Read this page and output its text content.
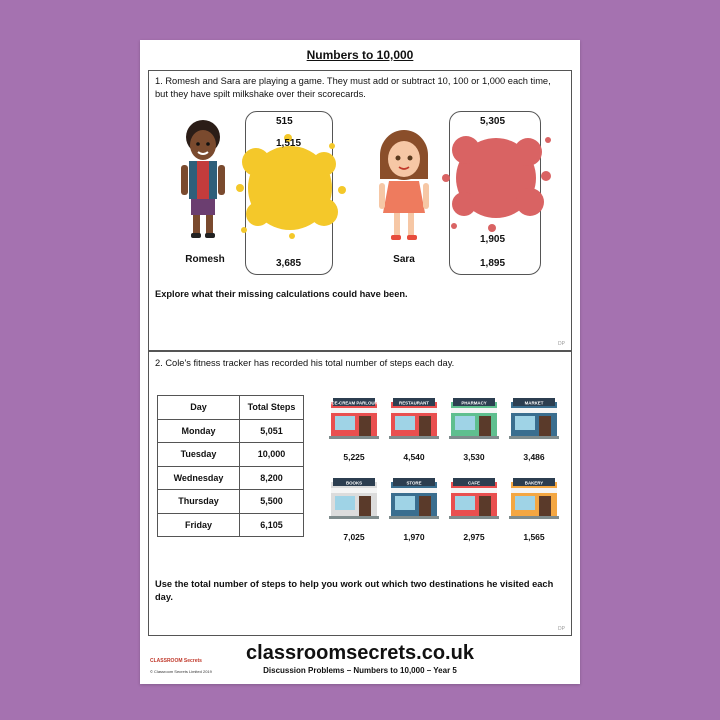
Numbers to 10,000
1. Romesh and Sara are playing a game. They must add or subtract 10, 100 or 1,000 each time, but they have spilt milkshake over their scorecards.
Romesh
515
1,515
3,685	Sara
5,305
1,905
1,895
Explore what their missing calculations could have been.
DP
2. Cole's fitness tracker has recorded his total number of steps each day.
Day	Total Steps
Monday	5,051
Tuesday	10,000
Wednesday	8,200
Thursday	5,500
Friday	6,105
ICE-CREAM PARLOUR
5,225
RESTAURANT
4,540
PHARMACY
3,530
MARKET
3,486
BOOKS
7,025
STORE
1,970
CAFE
2,975
BAKERY
1,565
Use the total number of steps to help you work out which two destinations he visited each day.
DP
CLASSROOM Secrets
© Classroom Secrets Limited 2019
classroomsecrets.co.uk
Discussion Problems – Numbers to 10,000 – Year 5
